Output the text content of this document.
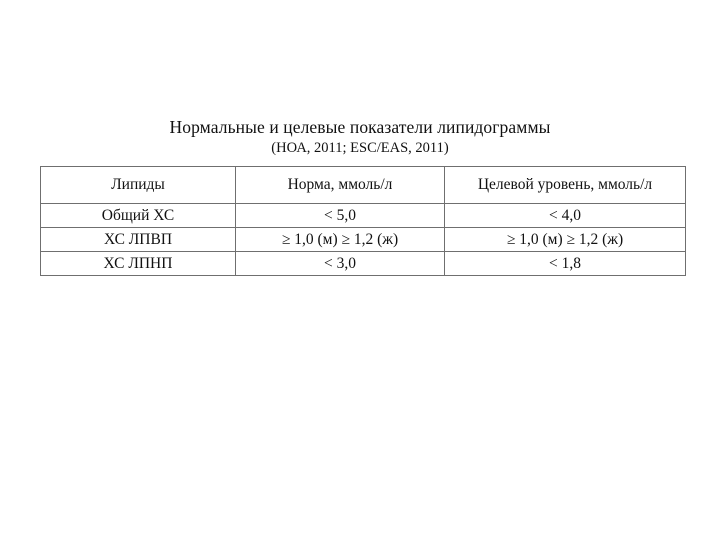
Нормальные и целевые показатели липидограммы
(НОА, 2011; ESC/EAS, 2011)
Липиды	Норма, ммоль/л	Целевой уровень, ммоль/л
Общий ХС	< 5,0	< 4,0
ХС ЛПВП	≥ 1,0 (м) ≥ 1,2 (ж)	≥ 1,0 (м) ≥ 1,2 (ж)
ХС ЛПНП	< 3,0	< 1,8
